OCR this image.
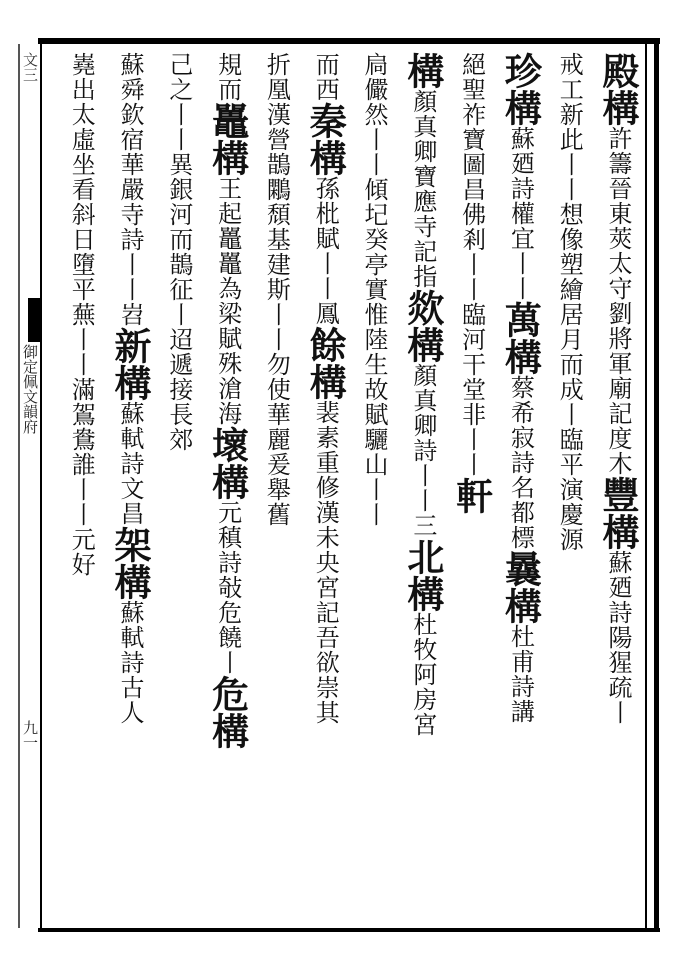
文三
御定佩文韻府
九一
殿構許籌晉東莢太守劉將軍廟記度木豐構蘇廼詩陽猩疏丨
戒工新此丨丨想像塑繪居月而成丨臨平演慶源
珍構蘇廼詩權宜丨丨萬構蔡希寂詩名都標曩構杜甫詩講
絕聖祚寶圖昌佛剎丨丨臨河干堂非丨丨軒
構顏真卿寶應寺記指欻構顏真卿詩丨丨三北構杜牧阿房宮
扃儼然丨丨傾圮癸亭實惟陸生故賦驪山丨丨
而西秦構孫枇賦丨丨鳳餘構裴素重修漢未央宮記吾欲崇其
折凰漢營鵲鷴頹基建斯丨丨勿使華麗爰舉舊
規而鼉構王起鼉鼉為梁賦殊滄海壞構元稹詩敧危饒丨危構
己之丨丨異銀河而鵲征丨迢遞接長郊
蘇舜欽宿華嚴寺詩丨丨岧新構蘇軾詩文昌架構蘇軾詩古人
嶤出太虛坐看斜日墮平蕪丨丨滿鴐鴦誰丨丨元好
